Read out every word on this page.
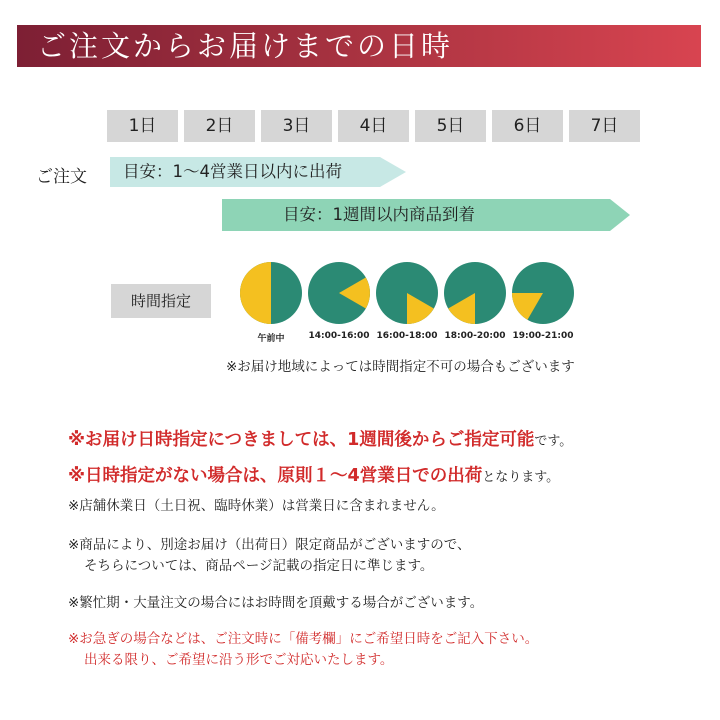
ご注文からお届けまでの日時
1日	2日	3日	4日	5日	6日	7日
ご注文 目安：1〜4営業日以内に出荷
目安：1週間以内商品到着
時間指定
午前中	14:00-16:00 16:00-18:00 18:00-20:00 19:00-21:00
※お届け地域によっては時間指定不可の場合もございます
※お届け日時指定につきましては、1週間後からご指定可能です。
※日時指定がない場合は、原則１～4営業日での出荷となります。
※店舗休業日（土日祝、臨時休業）は営業日に含まれません。
※商品により、別途お届け（出荷日）限定商品がございますので、
そちらについては、商品ページ記載の指定日に準じます。
※繁忙期・大量注文の場合にはお時間を頂戴する場合がございます。
※お急ぎの場合などは、ご注文時に「備考欄」にご希望日時をご記入下さい。
出来る限り、ご希望に沿う形でご対応いたします。
